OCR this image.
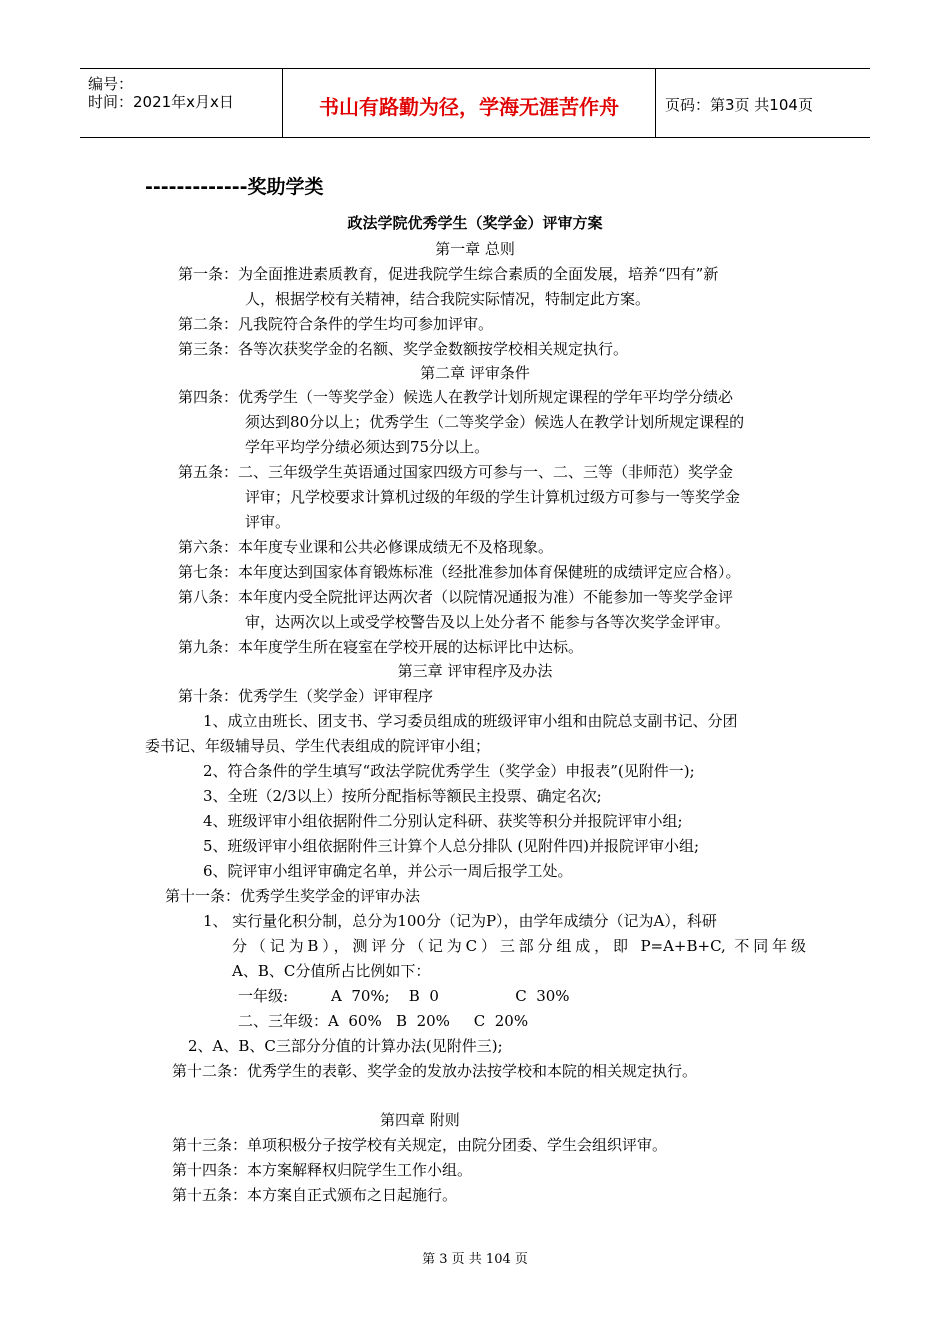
编号：
时间：2021年x月x日	书山有路勤为径，学海无涯苦作舟	页码：第3页 共104页
-------------奖助学类
政法学院优秀学生（奖学金）评审方案
第一章 总则
第一条：为全面推进素质教育，促进我院学生综合素质的全面发展，培养“四有”新
人，根据学校有关精神，结合我院实际情况，特制定此方案。
第二条：凡我院符合条件的学生均可参加评审。
第三条：各等次获奖学金的名额、奖学金数额按学校相关规定执行。
第二章 评审条件
第四条：优秀学生（一等奖学金）候选人在教学计划所规定课程的学年平均学分绩必
须达到80分以上；优秀学生（二等奖学金）候选人在教学计划所规定课程的
学年平均学分绩必须达到75分以上。
第五条：二、三年级学生英语通过国家四级方可参与一、二、三等（非师范）奖学金
评审；凡学校要求计算机过级的年级的学生计算机过级方可参与一等奖学金
评审。
第六条：本年度专业课和公共必修课成绩无不及格现象。
第七条：本年度达到国家体育锻炼标准（经批准参加体育保健班的成绩评定应合格）。
第八条：本年度内受全院批评达两次者（以院情况通报为准）不能参加一等奖学金评
审，达两次以上或受学校警告及以上处分者不 能参与各等次奖学金评审。
第九条：本年度学生所在寝室在学校开展的达标评比中达标。
第三章 评审程序及办法
第十条：优秀学生（奖学金）评审程序
1、成立由班长、团支书、学习委员组成的班级评审小组和由院总支副书记、分团
委书记、年级辅导员、学生代表组成的院评审小组；
2、符合条件的学生填写“政法学院优秀学生（奖学金）申报表”(见附件一);
3、全班（2/3以上）按所分配指标等额民主投票、确定名次;
4、班级评审小组依据附件二分别认定科研、获奖等积分并报院评审小组;
5、班级评审小组依据附件三计算个人总分排队 (见附件四)并报院评审小组;
6、院评审小组评审确定名单，并公示一周后报学工处。
第十一条：优秀学生奖学金的评审办法
1、 实行量化积分制，总分为100分（记为P），由学年成绩分（记为A），科研
分（记为B），测评分（记为C）三部分组成，即 P=A+B+C, 不同年级
A、B、C分值所占比例如下：
一年级:         A  70%;    B  0                C  30%
二、三年级：A  60%   B  20%     C  20%
2、A、B、C三部分分值的计算办法(见附件三);
第十二条：优秀学生的表彰、奖学金的发放办法按学校和本院的相关规定执行。
第四章 附则
第十三条：单项积极分子按学校有关规定，由院分团委、学生会组织评审。
第十四条：本方案解释权归院学生工作小组。
第十五条：本方案自正式颁布之日起施行。
第 3 页 共 104 页
